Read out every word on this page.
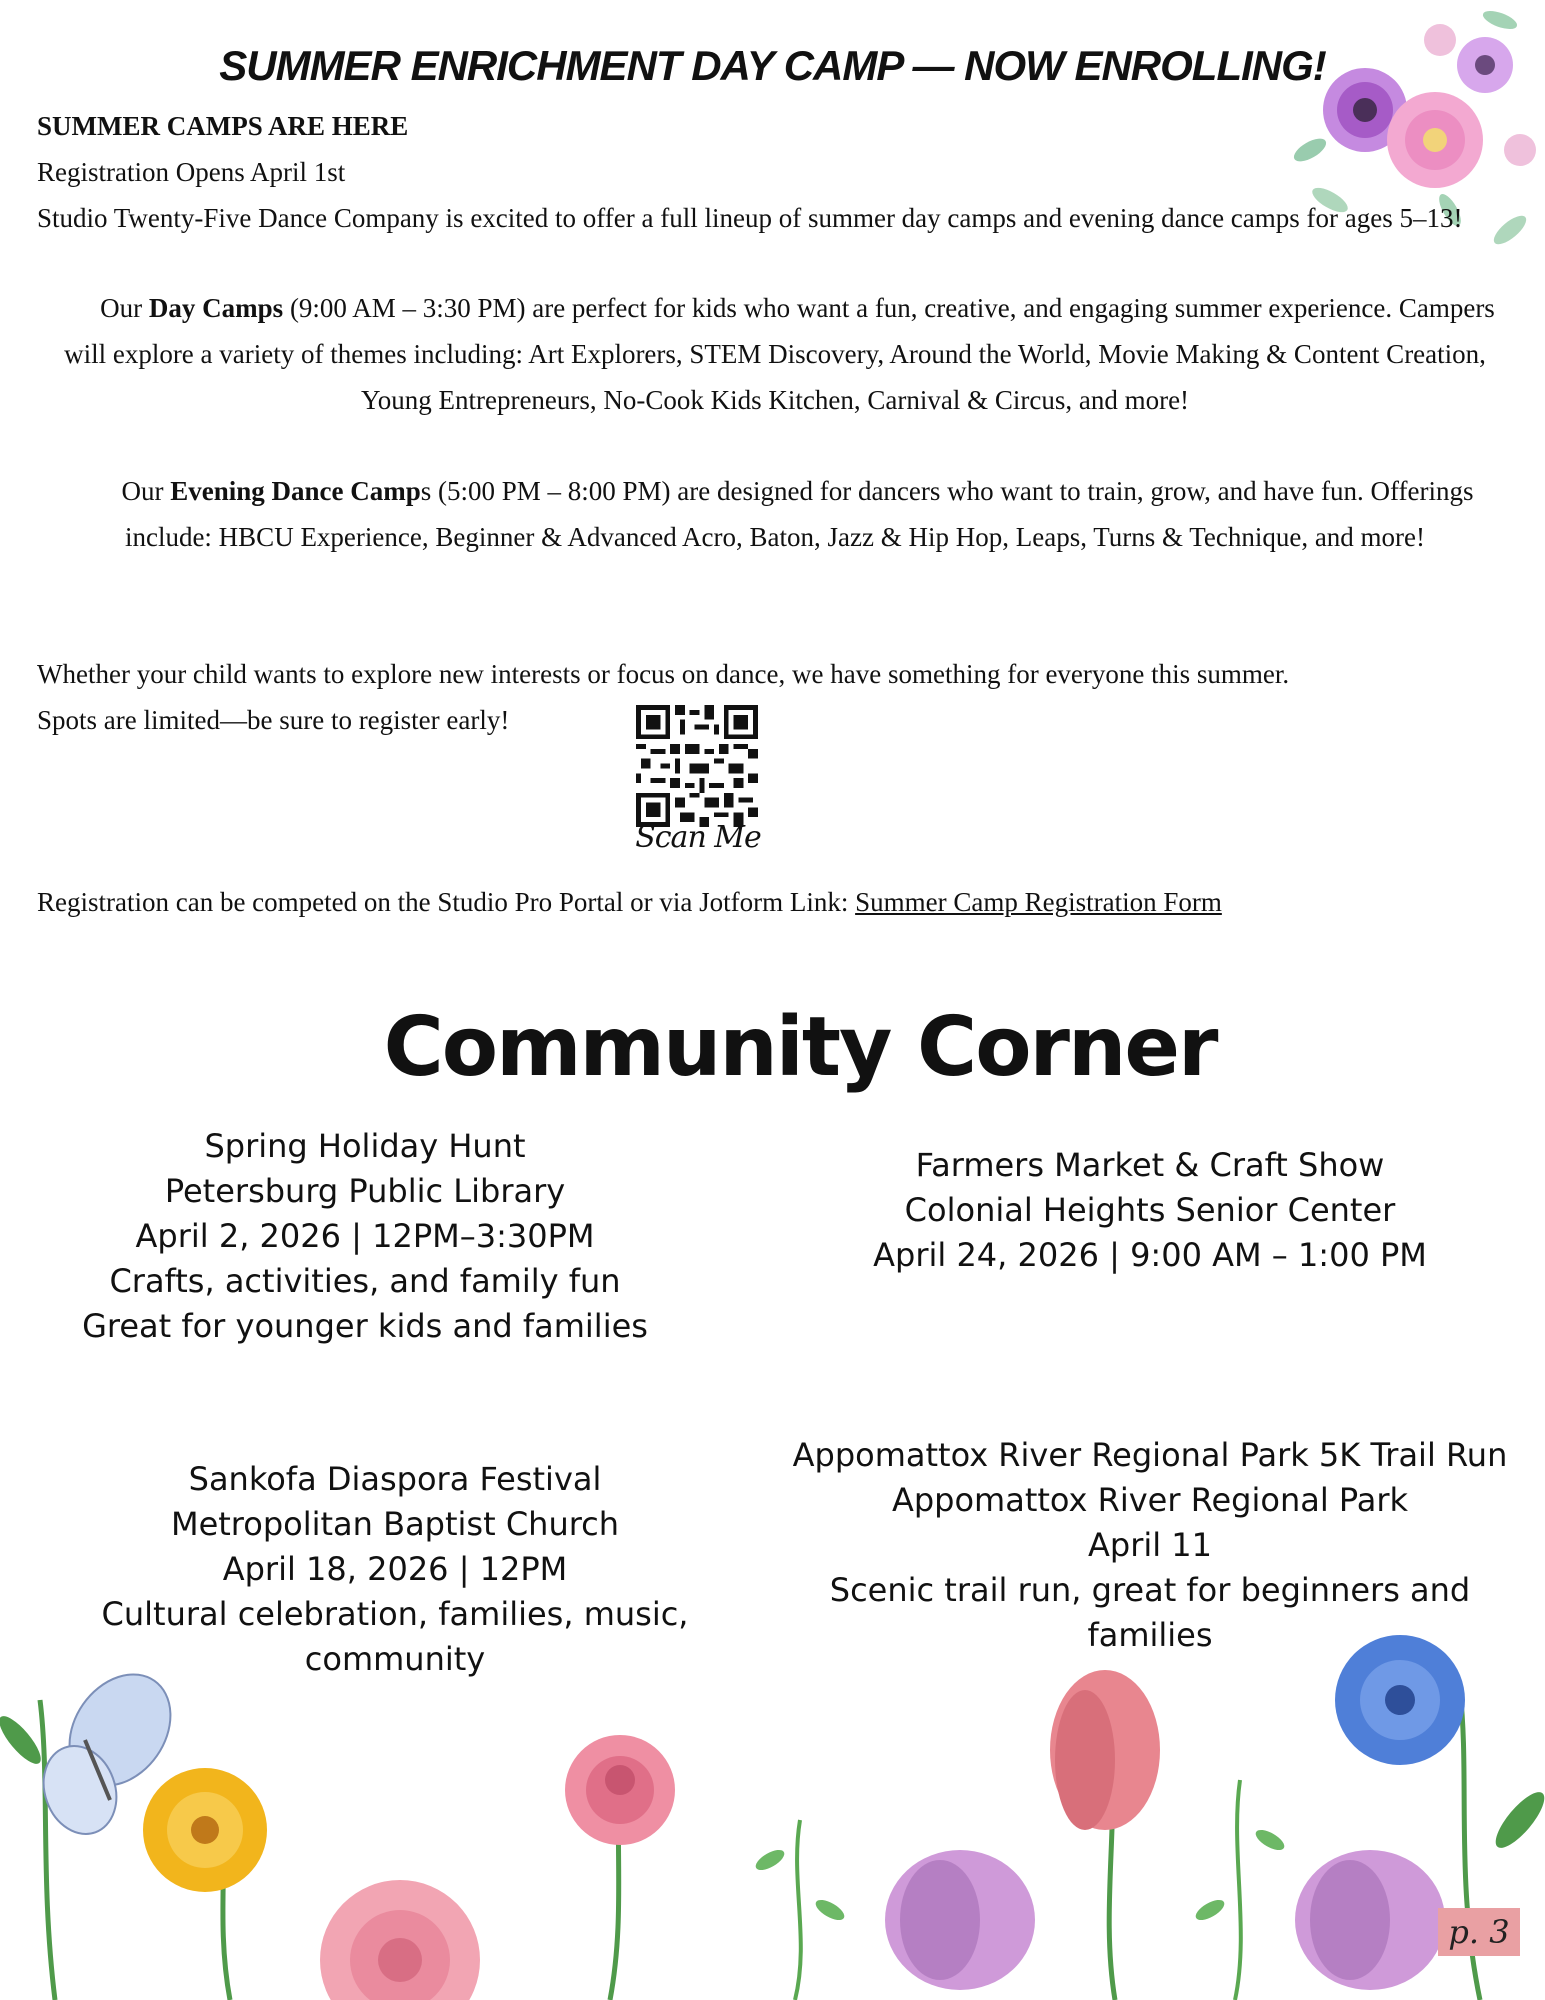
SUMMER ENRICHMENT DAY CAMP — NOW ENROLLING!
SUMMER CAMPS ARE HERE
Registration Opens April 1st
Studio Twenty-Five Dance Company is excited to offer a full lineup of summer day camps and evening dance camps for ages 5–13!
Our Day Camps (9:00 AM – 3:30 PM) are perfect for kids who want a fun, creative, and engaging summer experience. Campers will explore a variety of themes including: Art Explorers, STEM Discovery, Around the World, Movie Making & Content Creation, Young Entrepreneurs, No-Cook Kids Kitchen, Carnival & Circus, and more!
Our Evening Dance Camps (5:00 PM – 8:00 PM) are designed for dancers who want to train, grow, and have fun. Offerings include: HBCU Experience, Beginner & Advanced Acro, Baton, Jazz & Hip Hop, Leaps, Turns & Technique, and more!
Whether your child wants to explore new interests or focus on dance, we have something for everyone this summer.
Spots are limited—be sure to register early!
Scan Me
Registration can be competed on the Studio Pro Portal or via Jotform Link: Summer Camp Registration Form
Community Corner
Spring Holiday Hunt
Petersburg Public Library
April 2, 2026 | 12PM–3:30PM
Crafts, activities, and family fun
Great for younger kids and families
Farmers Market & Craft Show
Colonial Heights Senior Center
April 24, 2026 | 9:00 AM – 1:00 PM
Sankofa Diaspora Festival
Metropolitan Baptist Church
April 18, 2026 | 12PM
Cultural celebration, families, music, community
Appomattox River Regional Park 5K Trail Run
Appomattox River Regional Park
April 11
Scenic trail run, great for beginners and families
p. 3
